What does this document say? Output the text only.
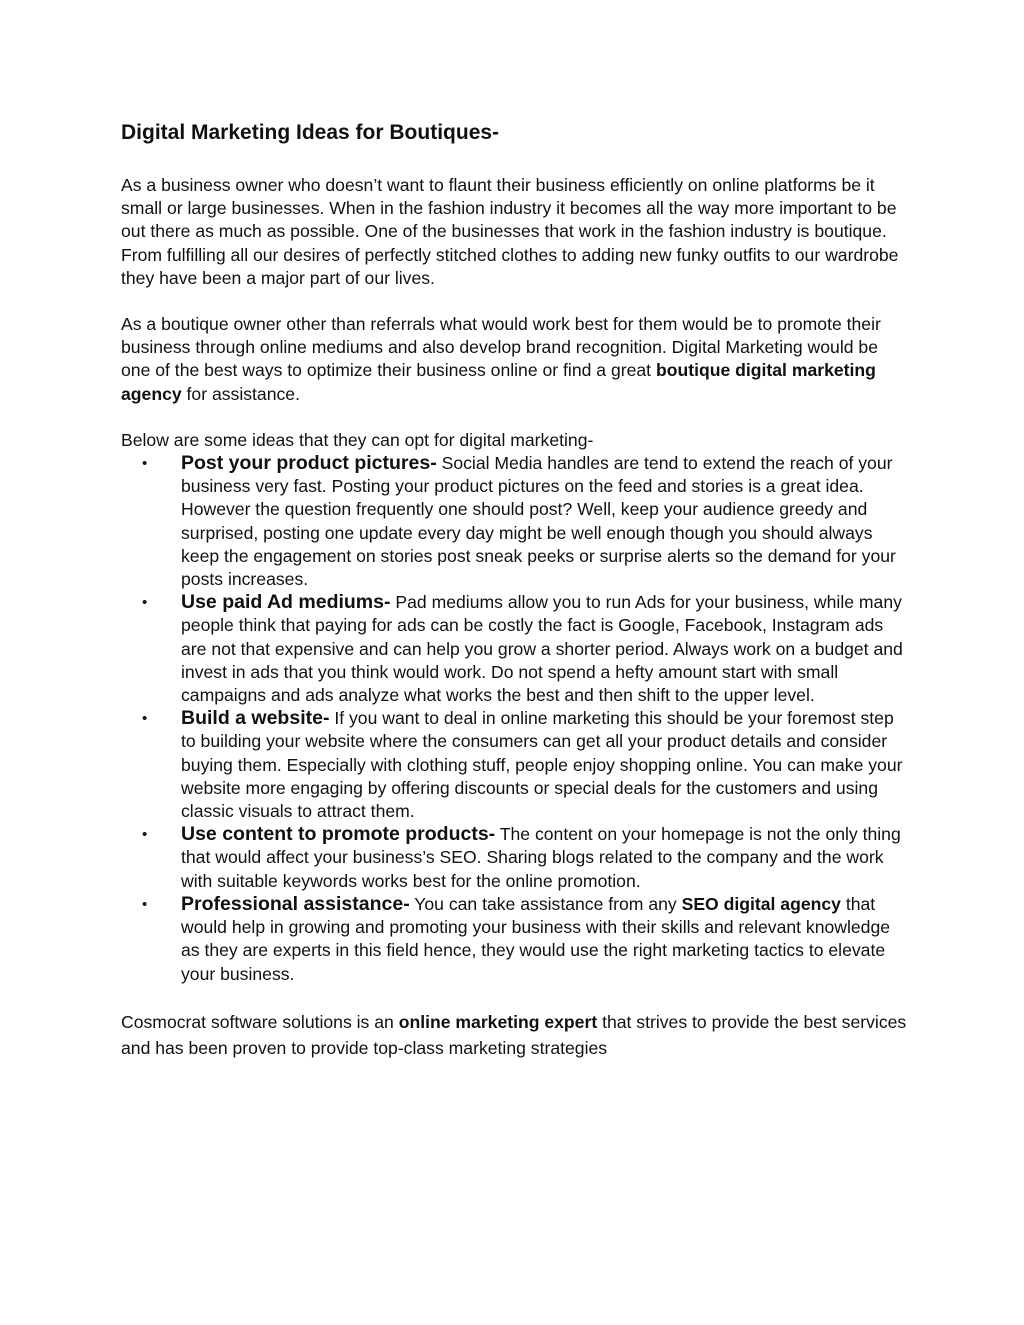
Digital Marketing Ideas for Boutiques-

As a business owner who doesn’t want to flaunt their business efficiently on online platforms be it small or large businesses. When in the fashion industry it becomes all the way more important to be out there as much as possible. One of the businesses that work in the fashion industry is boutique. From fulfilling all our desires of perfectly stitched clothes to adding new funky outfits to our wardrobe they have been a major part of our lives.

As a boutique owner other than referrals what would work best for them would be to promote their business through online mediums and also develop brand recognition. Digital Marketing would be one of the best ways to optimize their business online or find a great boutique digital marketing agency for assistance.

Below are some ideas that they can opt for digital marketing-

• Post your product pictures- Social Media handles are tend to extend the reach of your business very fast. Posting your product pictures on the feed and stories is a great idea. However the question frequently one should post? Well, keep your audience greedy and surprised, posting one update every day might be well enough though you should always keep the engagement on stories post sneak peeks or surprise alerts so the demand for your posts increases.
• Use paid Ad mediums- Pad mediums allow you to run Ads for your business, while many people think that paying for ads can be costly the fact is Google, Facebook, Instagram ads are not that expensive and can help you grow a shorter period. Always work on a budget and invest in ads that you think would work. Do not spend a hefty amount start with small campaigns and ads analyze what works the best and then shift to the upper level.
• Build a website- If you want to deal in online marketing this should be your foremost step to building your website where the consumers can get all your product details and consider buying them. Especially with clothing stuff, people enjoy shopping online. You can make your website more engaging by offering discounts or special deals for the customers and using classic visuals to attract them.
• Use content to promote products- The content on your homepage is not the only thing that would affect your business’s SEO. Sharing blogs related to the company and the work with suitable keywords works best for the online promotion.
• Professional assistance- You can take assistance from any SEO digital agency that would help in growing and promoting your business with their skills and relevant knowledge as they are experts in this field hence, they would use the right marketing tactics to elevate your business.

Cosmocrat software solutions is an online marketing expert that strives to provide the best services and has been proven to provide top-class marketing strategies
